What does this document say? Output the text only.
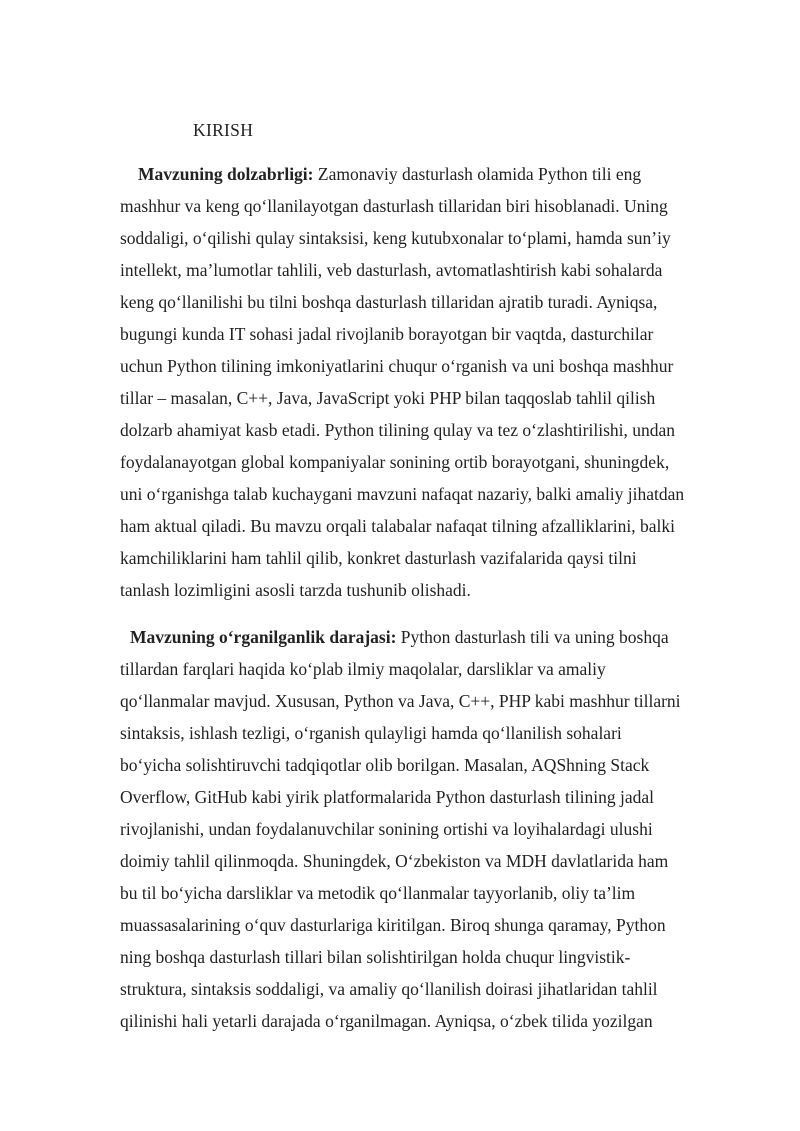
KIRISH
Mavzuning dolzabrligi: Zamonaviy dasturlash olamida Python tili eng
mashhur va keng qo‘llanilayotgan dasturlash tillaridan biri hisoblanadi. Uning
soddaligi, o‘qilishi qulay sintaksisi, keng kutubxonalar to‘plami, hamda sun’iy
intellekt, ma’lumotlar tahlili, veb dasturlash, avtomatlashtirish kabi sohalarda
keng qo‘llanilishi bu tilni boshqa dasturlash tillaridan ajratib turadi. Ayniqsa,
bugungi kunda IT sohasi jadal rivojlanib borayotgan bir vaqtda, dasturchilar
uchun Python tilining imkoniyatlarini chuqur o‘rganish va uni boshqa mashhur
tillar – masalan, C++, Java, JavaScript yoki PHP bilan taqqoslab tahlil qilish
dolzarb ahamiyat kasb etadi. Python tilining qulay va tez o‘zlashtirilishi, undan
foydalanayotgan global kompaniyalar sonining ortib borayotgani, shuningdek,
uni o‘rganishga talab kuchaygani mavzuni nafaqat nazariy, balki amaliy jihatdan
ham aktual qiladi. Bu mavzu orqali talabalar nafaqat tilning afzalliklarini, balki
kamchiliklarini ham tahlil qilib, konkret dasturlash vazifalarida qaysi tilni
tanlash lozimligini asosli tarzda tushunib olishadi.
Mavzuning o‘rganilganlik darajasi: Python dasturlash tili va uning boshqa
tillardan farqlari haqida ko‘plab ilmiy maqolalar, darsliklar va amaliy
qo‘llanmalar mavjud. Xususan, Python va Java, C++, PHP kabi mashhur tillarni
sintaksis, ishlash tezligi, o‘rganish qulayligi hamda qo‘llanilish sohalari
bo‘yicha solishtiruvchi tadqiqotlar olib borilgan. Masalan, AQShning Stack
Overflow, GitHub kabi yirik platformalarida Python dasturlash tilining jadal
rivojlanishi, undan foydalanuvchilar sonining ortishi va loyihalardagi ulushi
doimiy tahlil qilinmoqda. Shuningdek, O‘zbekiston va MDH davlatlarida ham
bu til bo‘yicha darsliklar va metodik qo‘llanmalar tayyorlanib, oliy ta’lim
muassasalarining o‘quv dasturlariga kiritilgan. Biroq shunga qaramay, Python
ning boshqa dasturlash tillari bilan solishtirilgan holda chuqur lingvistik-
struktura, sintaksis soddaligi, va amaliy qo‘llanilish doirasi jihatlaridan tahlil
qilinishi hali yetarli darajada o‘rganilmagan. Ayniqsa, o‘zbek tilida yozilgan
